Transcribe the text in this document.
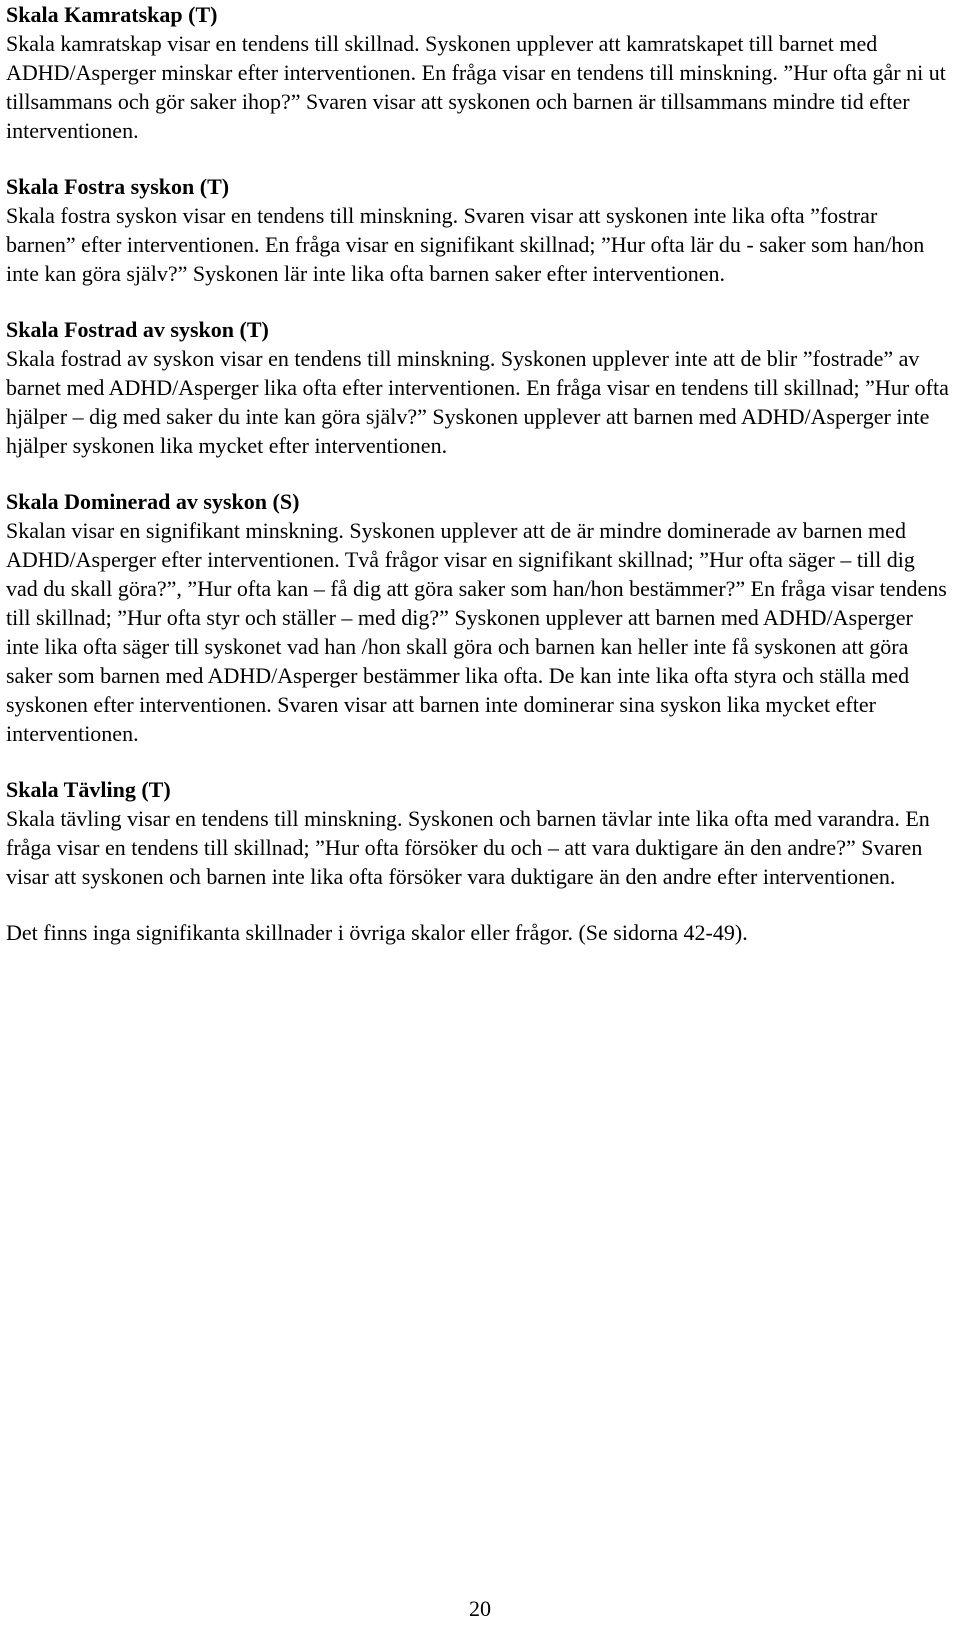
Skala Kamratskap (T)

Skala kamratskap visar en tendens till skillnad. Syskonen upplever att kamratskapet till barnet med ADHD/Asperger minskar efter interventionen. En fråga visar en tendens till minskning. ”Hur ofta går ni ut tillsammans och gör saker ihop?” Svaren visar att syskonen och barnen är tillsammans mindre tid efter interventionen.

Skala Fostra syskon (T)

Skala fostra syskon visar en tendens till minskning. Svaren visar att syskonen inte lika ofta ”fostrar barnen” efter interventionen. En fråga visar en signifikant skillnad; ”Hur ofta lär du - saker som han/hon inte kan göra själv?” Syskonen lär inte lika ofta barnen saker efter interventionen.

Skala Fostrad av syskon (T)

Skala fostrad av syskon visar en tendens till minskning. Syskonen upplever inte att de blir ”fostrade” av barnet med ADHD/Asperger lika ofta efter interventionen. En fråga visar en tendens till skillnad; ”Hur ofta hjälper – dig med saker du inte kan göra själv?” Syskonen upplever att barnen med ADHD/Asperger inte hjälper syskonen lika mycket efter interventionen.

Skala Dominerad av syskon (S)

Skalan visar en signifikant minskning. Syskonen upplever att de är mindre dominerade av barnen med ADHD/Asperger efter interventionen. Två frågor visar en signifikant skillnad; ”Hur ofta säger – till dig vad du skall göra?”, ”Hur ofta kan – få dig att göra saker som han/hon bestämmer?” En fråga visar tendens till skillnad; ”Hur ofta styr och ställer – med dig?” Syskonen upplever att barnen med ADHD/Asperger inte lika ofta säger till syskonet vad han /hon skall göra och barnen kan heller inte få syskonen att göra saker som barnen med ADHD/Asperger bestämmer lika ofta. De kan inte lika ofta styra och ställa med syskonen efter interventionen. Svaren visar att barnen inte dominerar sina syskon lika mycket efter interventionen.

Skala Tävling (T)

Skala tävling visar en tendens till minskning. Syskonen och barnen tävlar inte lika ofta med varandra. En fråga visar en tendens till skillnad; ”Hur ofta försöker du och – att vara duktigare än den andre?” Svaren visar att syskonen och barnen inte lika ofta försöker vara duktigare än den andre efter interventionen.

Det finns inga signifikanta skillnader i övriga skalor eller frågor. (Se sidorna 42-49).

20
